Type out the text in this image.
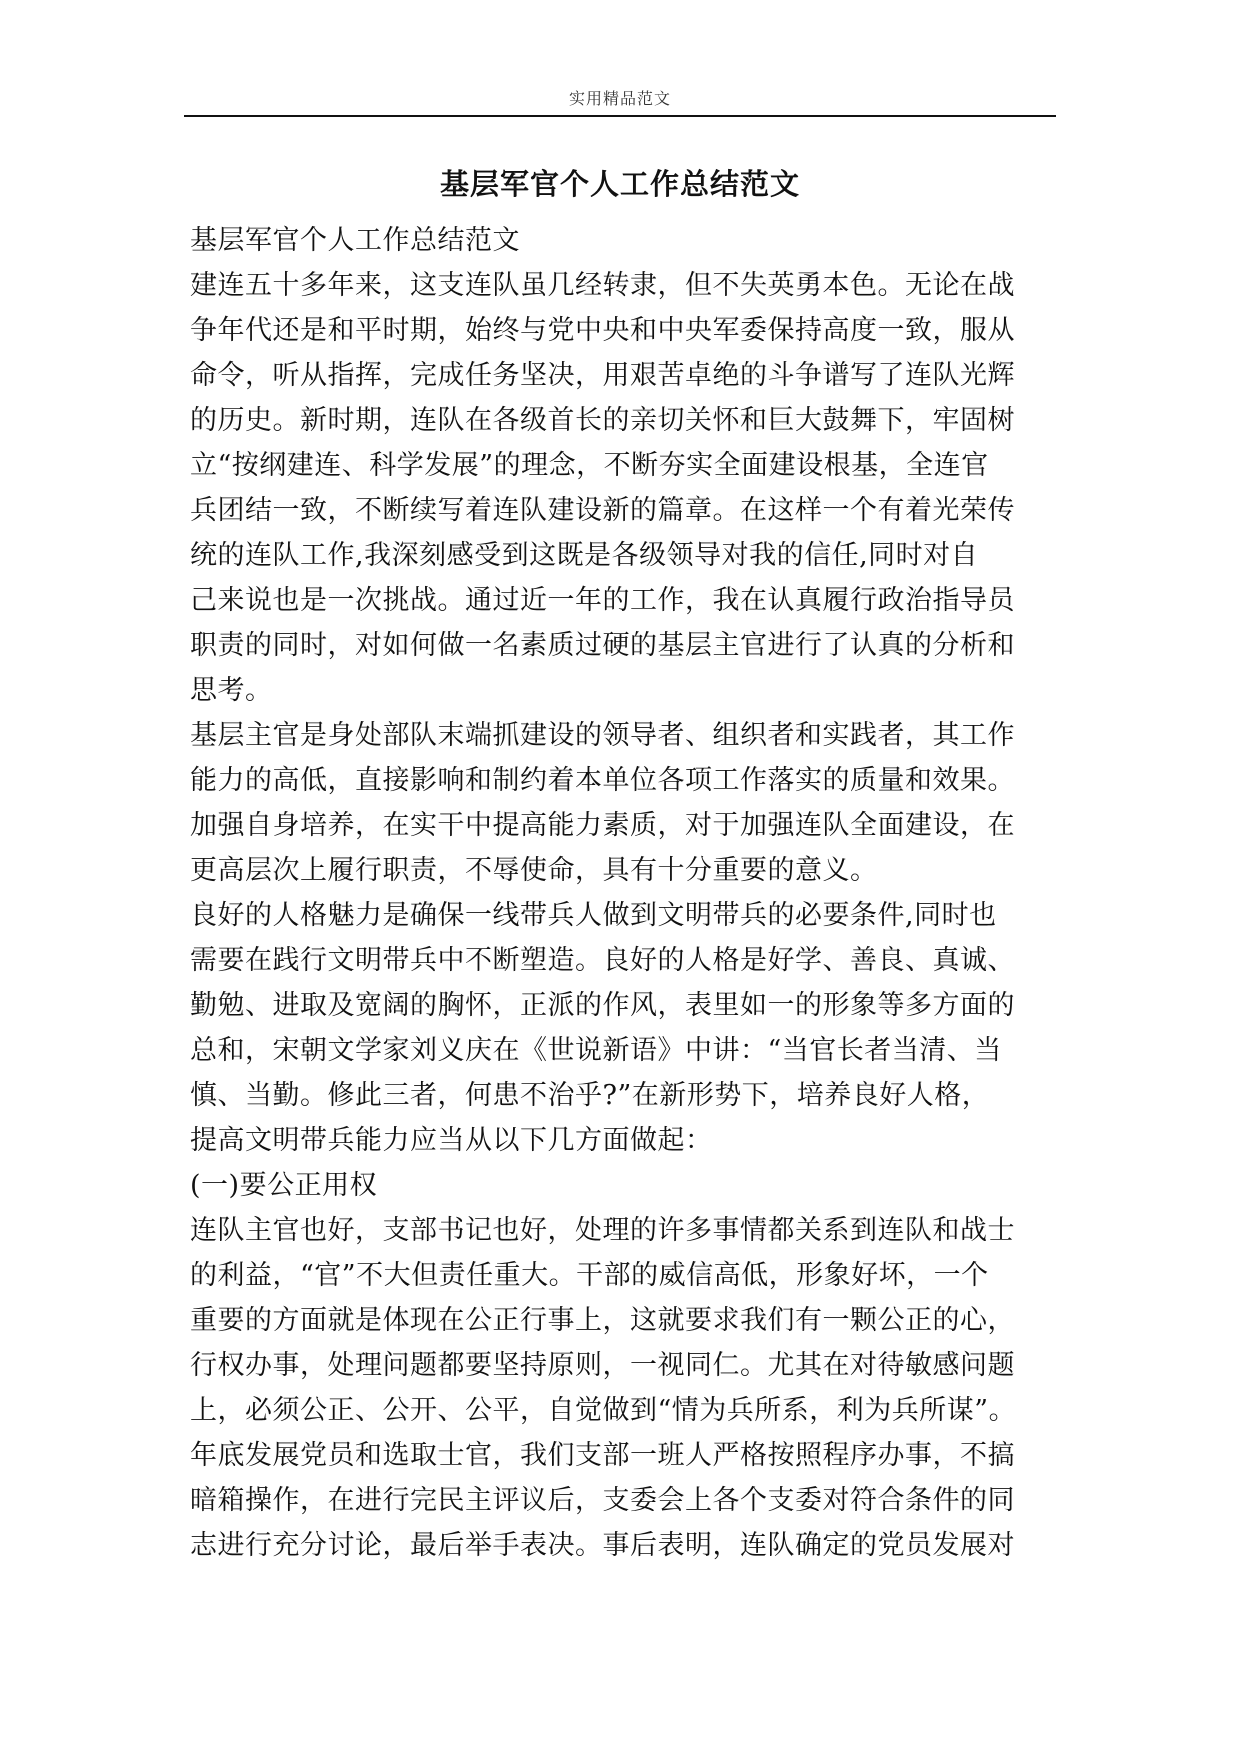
实用精品范文
基层军官个人工作总结范文
基层军官个人工作总结范文
建连五十多年来，这支连队虽几经转隶，但不失英勇本色。无论在战
争年代还是和平时期，始终与党中央和中央军委保持高度一致，服从
命令，听从指挥，完成任务坚决，用艰苦卓绝的斗争谱写了连队光辉
的历史。新时期，连队在各级首长的亲切关怀和巨大鼓舞下，牢固树
立“按纲建连、科学发展”的理念，不断夯实全面建设根基，全连官
兵团结一致，不断续写着连队建设新的篇章。在这样一个有着光荣传
统的连队工作,我深刻感受到这既是各级领导对我的信任,同时对自
己来说也是一次挑战。通过近一年的工作，我在认真履行政治指导员
职责的同时，对如何做一名素质过硬的基层主官进行了认真的分析和
思考。
基层主官是身处部队末端抓建设的领导者、组织者和实践者，其工作
能力的高低，直接影响和制约着本单位各项工作落实的质量和效果。
加强自身培养，在实干中提高能力素质，对于加强连队全面建设，在
更高层次上履行职责，不辱使命，具有十分重要的意义。
良好的人格魅力是确保一线带兵人做到文明带兵的必要条件,同时也
需要在践行文明带兵中不断塑造。良好的人格是好学、善良、真诚、
勤勉、进取及宽阔的胸怀，正派的作风，表里如一的形象等多方面的
总和，宋朝文学家刘义庆在《世说新语》中讲：“当官长者当清、当
慎、当勤。修此三者，何患不治乎?”在新形势下，培养良好人格，
提高文明带兵能力应当从以下几方面做起：
(一)要公正用权
连队主官也好，支部书记也好，处理的许多事情都关系到连队和战士
的利益，“官”不大但责任重大。干部的威信高低，形象好坏，一个
重要的方面就是体现在公正行事上，这就要求我们有一颗公正的心，
行权办事，处理问题都要坚持原则，一视同仁。尤其在对待敏感问题
上，必须公正、公开、公平，自觉做到“情为兵所系，利为兵所谋”。
年底发展党员和选取士官，我们支部一班人严格按照程序办事，不搞
暗箱操作，在进行完民主评议后，支委会上各个支委对符合条件的同
志进行充分讨论，最后举手表决。事后表明，连队确定的党员发展对
